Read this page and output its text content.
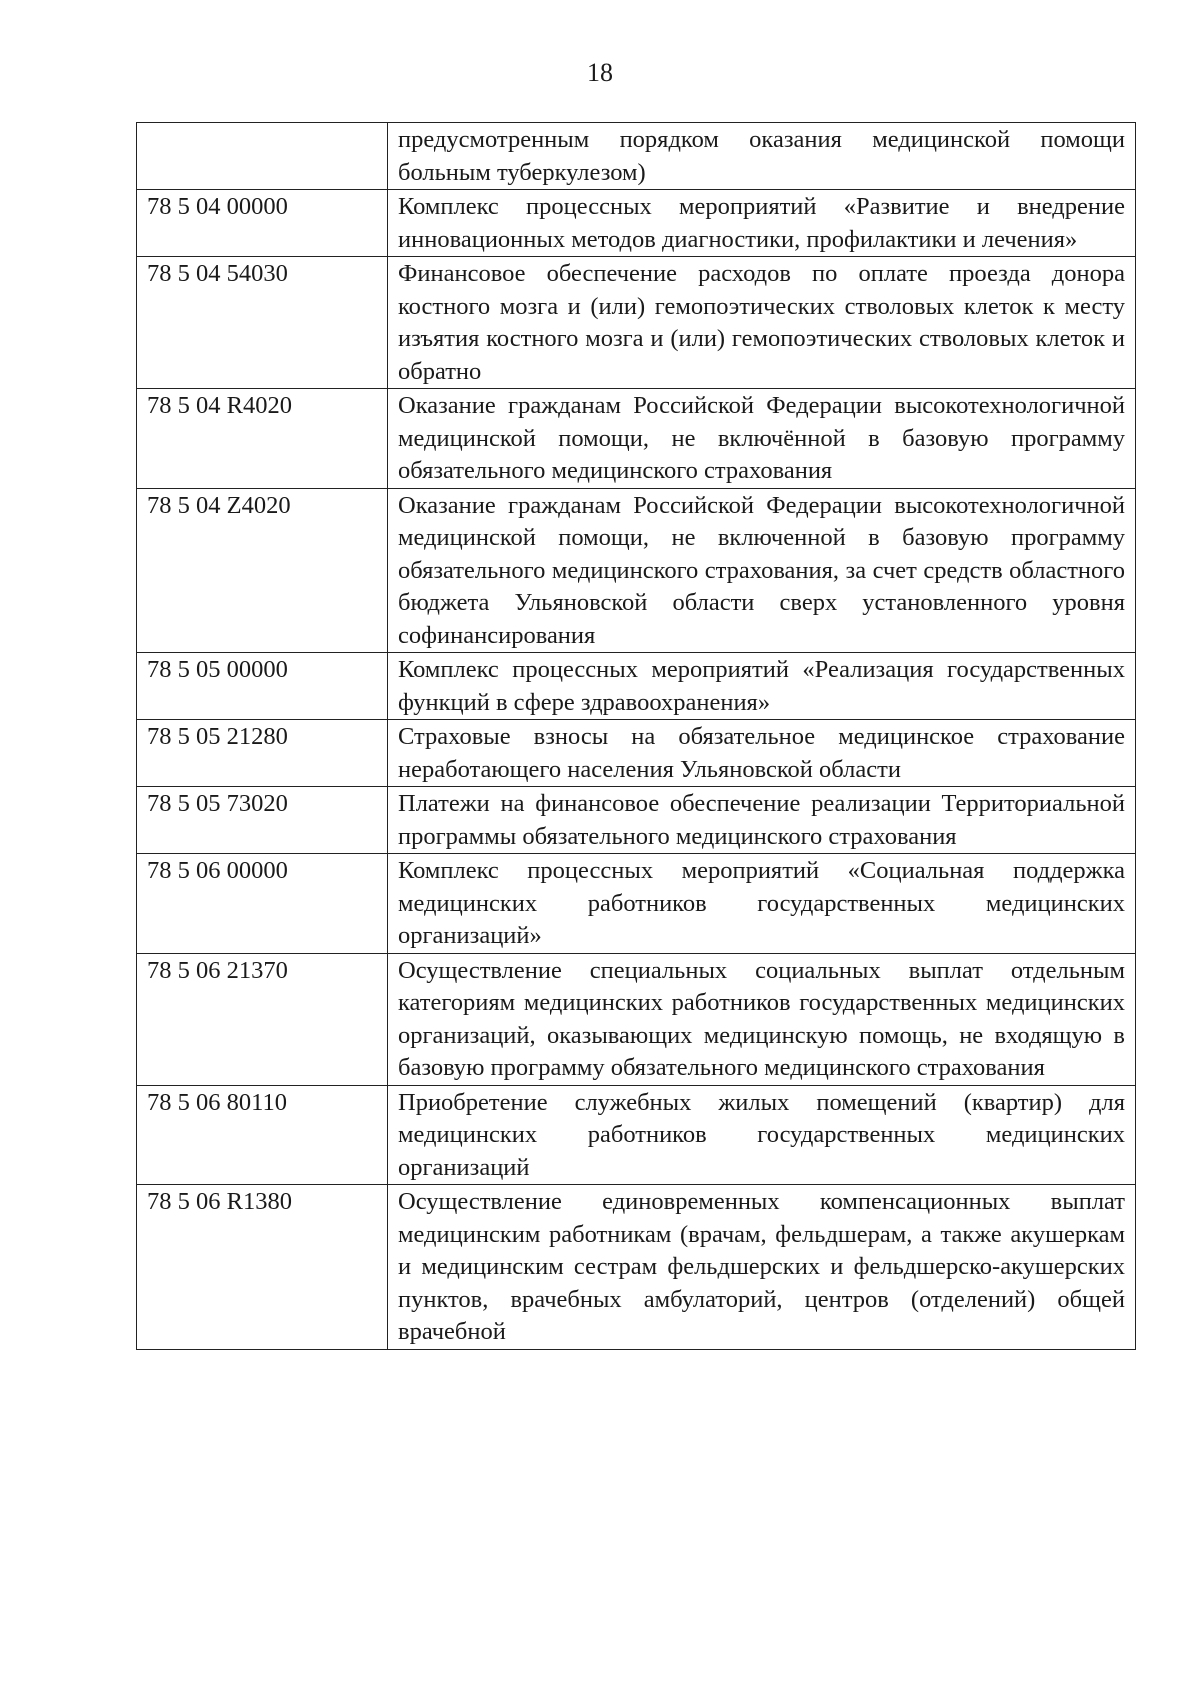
18
	предусмотренным порядком оказания медицинской помощи больным туберкулезом)
78 5 04 00000	Комплекс процессных мероприятий «Развитие и внедрение инновационных методов диагностики, профилактики и лечения»
78 5 04 54030	Финансовое обеспечение расходов по оплате проезда донора костного мозга и (или) гемопоэтических стволовых клеток к месту изъятия костного мозга и (или) гемопоэтических стволовых клеток и обратно
78 5 04 R4020	Оказание гражданам Российской Федерации высокотехнологичной медицинской помощи, не включённой в базовую программу обязательного медицинского страхования
78 5 04 Z4020	Оказание гражданам Российской Федерации высокотехнологичной медицинской помощи, не включенной в базовую программу обязательного медицинского страхования, за счет средств областного бюджета Ульяновской области сверх установленного уровня софинансирования
78 5 05 00000	Комплекс процессных мероприятий «Реализация государственных функций в сфере здравоохранения»
78 5 05 21280	Страховые взносы на обязательное медицинское страхование неработающего населения Ульяновской области
78 5 05 73020	Платежи на финансовое обеспечение реализации Территориальной программы обязательного медицинского страхования
78 5 06 00000	Комплекс процессных мероприятий «Социальная поддержка медицинских работников государственных медицинских организаций»
78 5 06 21370	Осуществление специальных социальных выплат отдельным категориям медицинских работников государственных медицинских организаций, оказывающих медицинскую помощь, не входящую в базовую программу обязательного медицинского страхования
78 5 06 80110	Приобретение служебных жилых помещений (квартир) для медицинских работников государственных медицинских организаций
78 5 06 R1380	Осуществление единовременных компенсационных выплат медицинским работникам (врачам, фельдшерам, а также акушеркам и медицинским сестрам фельдшерских и фельдшерско-акушерских пунктов, врачебных амбулаторий, центров (отделений) общей врачебной
